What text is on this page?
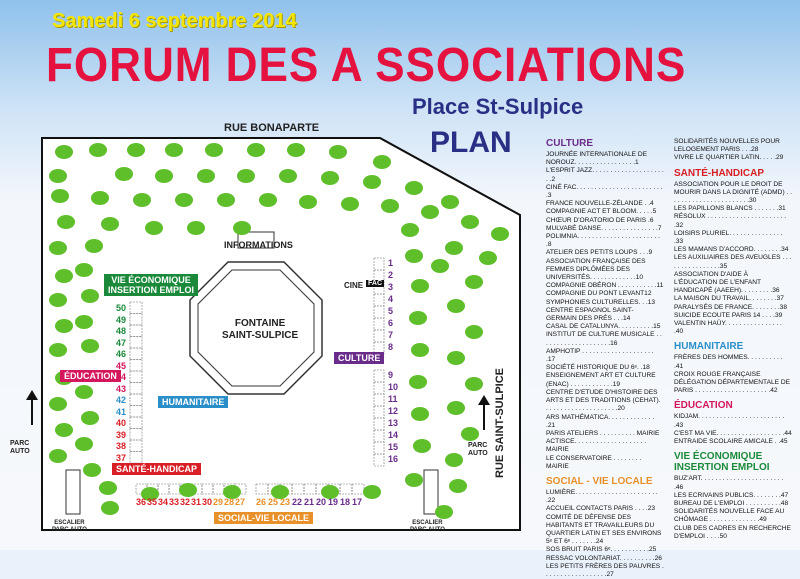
Samedi 6 septembre 2014
FORUM DES A SSOCIATIONS
Place St-Sulpice
PLAN
RUE BONAPARTE
RUE SAINT-SULPICE
INFORMATIONS
FONTAINE
SAINT-SULPICE
PARC
AUTO
PARC
AUTO
ESCALIER
PARC AUTO
ESCALIER
PARC AUTO
VIE ÉCONOMIQUE
INSERTION EMPLOI
ÉDUCATION
HUMANITAIRE
SANTÉ-HANDICAP
CULTURE
SOCIAL-VIE LOCALE
CINE FAC
1
2
3
4
5
6
7
8
9
10
11
12
13
14
15
16
50
49
48
47
46
45
44
43
42
41
40
39
38
37
36 35 34 33 32 31 30 29 28 27 26 25 23 22 21 20 19 18 17
CULTURE
JOURNÉE INTERNATIONALE DE NOROUZ. . . . . . . . . . . . . . . . .1
L'ESPRIT JAZZ. . . . . . . . . . . . . . . . . . . . . .2
CINÉ FAC. . . . . . . . . . . . . . . . . . . . . . . . .3
FRANCE NOUVELLE-ZÉLANDE . .4
COMPAGNIE ACT ET BLOOM. . . . .5
CHŒUR D'ORATORIO DE PARIS .6
MULVABÉ DANSE. . . . . . . . . . . . . . . .7
POLIMNIA. . . . . . . . . . . . . . . . . . . . . . . .8
ATELIER DES PETITS LOUPS . . .9
ASSOCIATION FRANÇAISE DES FEMMES DIPLÔMÉES DES UNIVERSITÉS. . . . . . . . . . . . .10
COMPAGNIE OBÉRON . . . . . . . . . . .11
COMPAGNIE DU PONT LEVANT12
SYMPHONIES CULTURELLES. . .13
CENTRE ESPAGNOL SAINT-GERMAIN DES PRÉS . . .14
CASAL DE CATALUNYA. . . . . . . . . .15
INSTITUT DE CULTURE MUSICALE . . . . . . . . . . . . . . . . . . . .16
AMPHOTIP . . . . . . . . . . . . . . . . . . . . .17
SOCIÉTÉ HISTORIQUE DU 6ᵉ. .18
ENSEIGNEMENT ART ET CULTURE (ENAC) . . . . . . . . . . . .19
CENTRE D'ETUDE D'HISTOIRE DES ARTS ET DES TRADITIONS (CEHAT). . . . . . . . . . . . . . . . . . . . .20
ARS MATHÉMATICA. . . . . . . . . . . . . .21
PARIS ATELIERS . . . . . . . . . . MAIRIE
ACTISCE. . . . . . . . . . . . . . . . . . . . MAIRIE
LE CONSERVATOIRE . . . . . . . . MAIRIE
SOCIAL - VIE LOCALE
LUMIÈRE. . . . . . . . . . . . . . . . . . . . . . . .22
ACCUEIL CONTACTS PARIS . . . .23
COMITÉ DE DÉFENSE DES HABITANTS ET TRAVAILLEURS DU QUARTIER LATIN ET SES ENVIRONS 5ᵉ ET 6ᵉ . . . . . . .24
SOS BRUIT PARIS 6ᵉ. . . . . . . . . . .25
RESSAC VOLONTARIAT. . . . . . . . . .26
LES PETITS FRÈRES DES PAUVRES . . . . . . . . . . . . . . . . . .27
SOLIDARITÉS NOUVELLES POUR LELOGEMENT PARIS . . .28
VIVRE LE QUARTIER LATIN. . . . .29
SANTÉ-HANDICAP
ASSOCIATION POUR LE DROIT DE MOURIR DANS LA DIGNITÉ (ADMD) . . . . . . . . . . . . . . . . . . . . . . .30
LES PAPILLONS BLANCS . . . . . . .31
RÉSOLUX . . . . . . . . . . . . . . . . . . . . . . .32
LOISIRS PLURIEL. . . . . . . . . . . . . . . .33
LES MAMANS D'ACCORD. . . . . . . .34
LES AUXILIAIRES DES AVEUGLES . . . . . . . . . . . . . . . .35
ASSOCIATION D'AIDE À L'ÉDUCATION DE L'ENFANT HANDICAPÉ (AAEEH). . . . . . . . .36
LA MAISON DU TRAVAIL. . . . . . . .37
PARALYSÉS DE FRANCE. . . . . . . .38
SUICIDE ECOUTE PARIS 14 . . . .39
VALENTIN HAÜY. . . . . . . . . . . . . . . . .40
HUMANITAIRE
FRÈRES DES HOMMES. . . . . . . . . . .41
CROIX ROUGE FRANÇAISE DÉLÉGATION DÉPARTEMENTALE DE PARIS . . . . . . . . . . . . . . . . . . . . .42
ÉDUCATION
KIDJAM. . . . . . . . . . . . . . . . . . . . . . . . .43
C'EST MA VIE. . . . . . . . . . . . . . . . . . .44
ENTRAIDE SCOLAIRE AMICALE . .45
VIE ÉCONOMIQUE INSERTION EMPLOI
BUZ'ART. . . . . . . . . . . . . . . . . . . . . . . .46
LES ECRIVAINS PUBLICS. . . . . . . .47
BUREAU DE L'EMPLOI . . . . . . . . . .48
SOLIDARITÉS NOUVELLE FACE AU CHÔMAGE . . . . . . . . . . . . . .49
CLUB DES CADRES EN RECHERCHE D'EMPLOI . . . .50
